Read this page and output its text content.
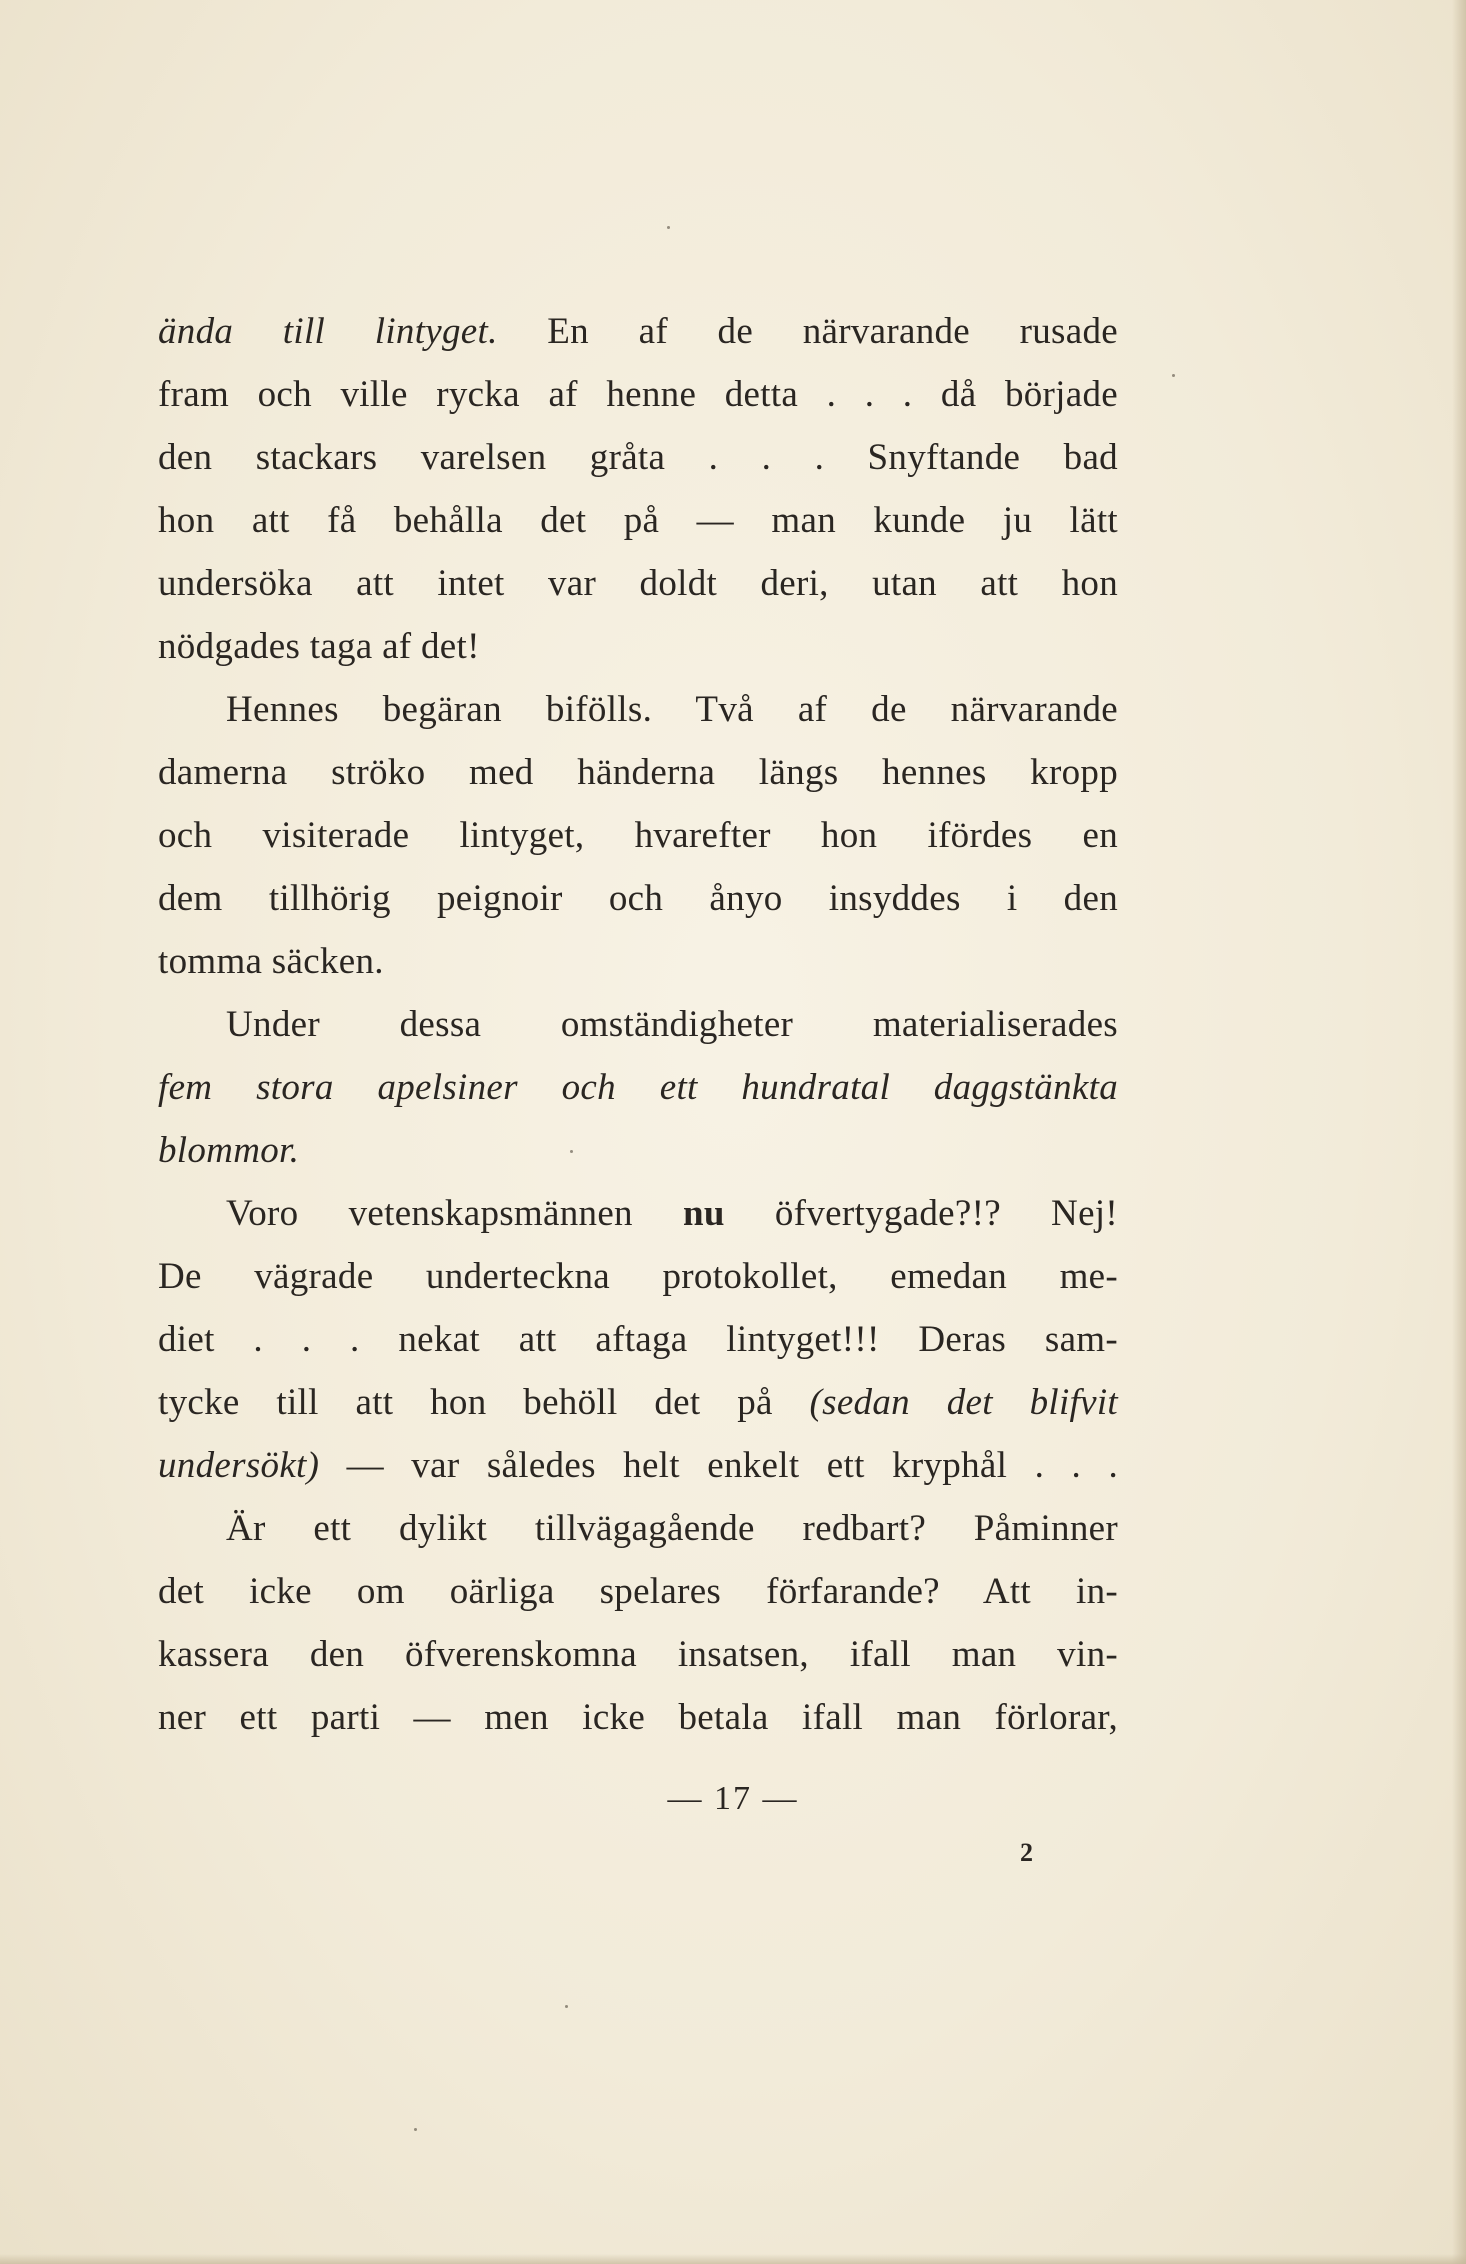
ända till lintyget. En af de närvarande rusade
fram och ville rycka af henne detta . . . då började
den stackars varelsen gråta . . . Snyftande bad
hon att få behålla det på — man kunde ju lätt
undersöka att intet var doldt deri, utan att hon
nödgades taga af det!
Hennes begäran bifölls. Två af de närvarande
damerna ströko med händerna längs hennes kropp
och visiterade lintyget, hvarefter hon ifördes en
dem tillhörig peignoir och ånyo insyddes i den
tomma säcken.
Under dessa omständigheter materialiserades
fem stora apelsiner och ett hundratal daggstänkta
blommor.
Voro vetenskapsmännen nu öfvertygade?!? Nej!
De vägrade underteckna protokollet, emedan me-
diet . . . nekat att aftaga lintyget!!! Deras sam-
tycke till att hon behöll det på (sedan det blifvit
undersökt) — var således helt enkelt ett kryphål . . .
Är ett dylikt tillvägagående redbart? Påminner
det icke om oärliga spelares förfarande? Att in-
kassera den öfverenskomna insatsen, ifall man vin-
ner ett parti — men icke betala ifall man förlorar,
— 17 —
2
